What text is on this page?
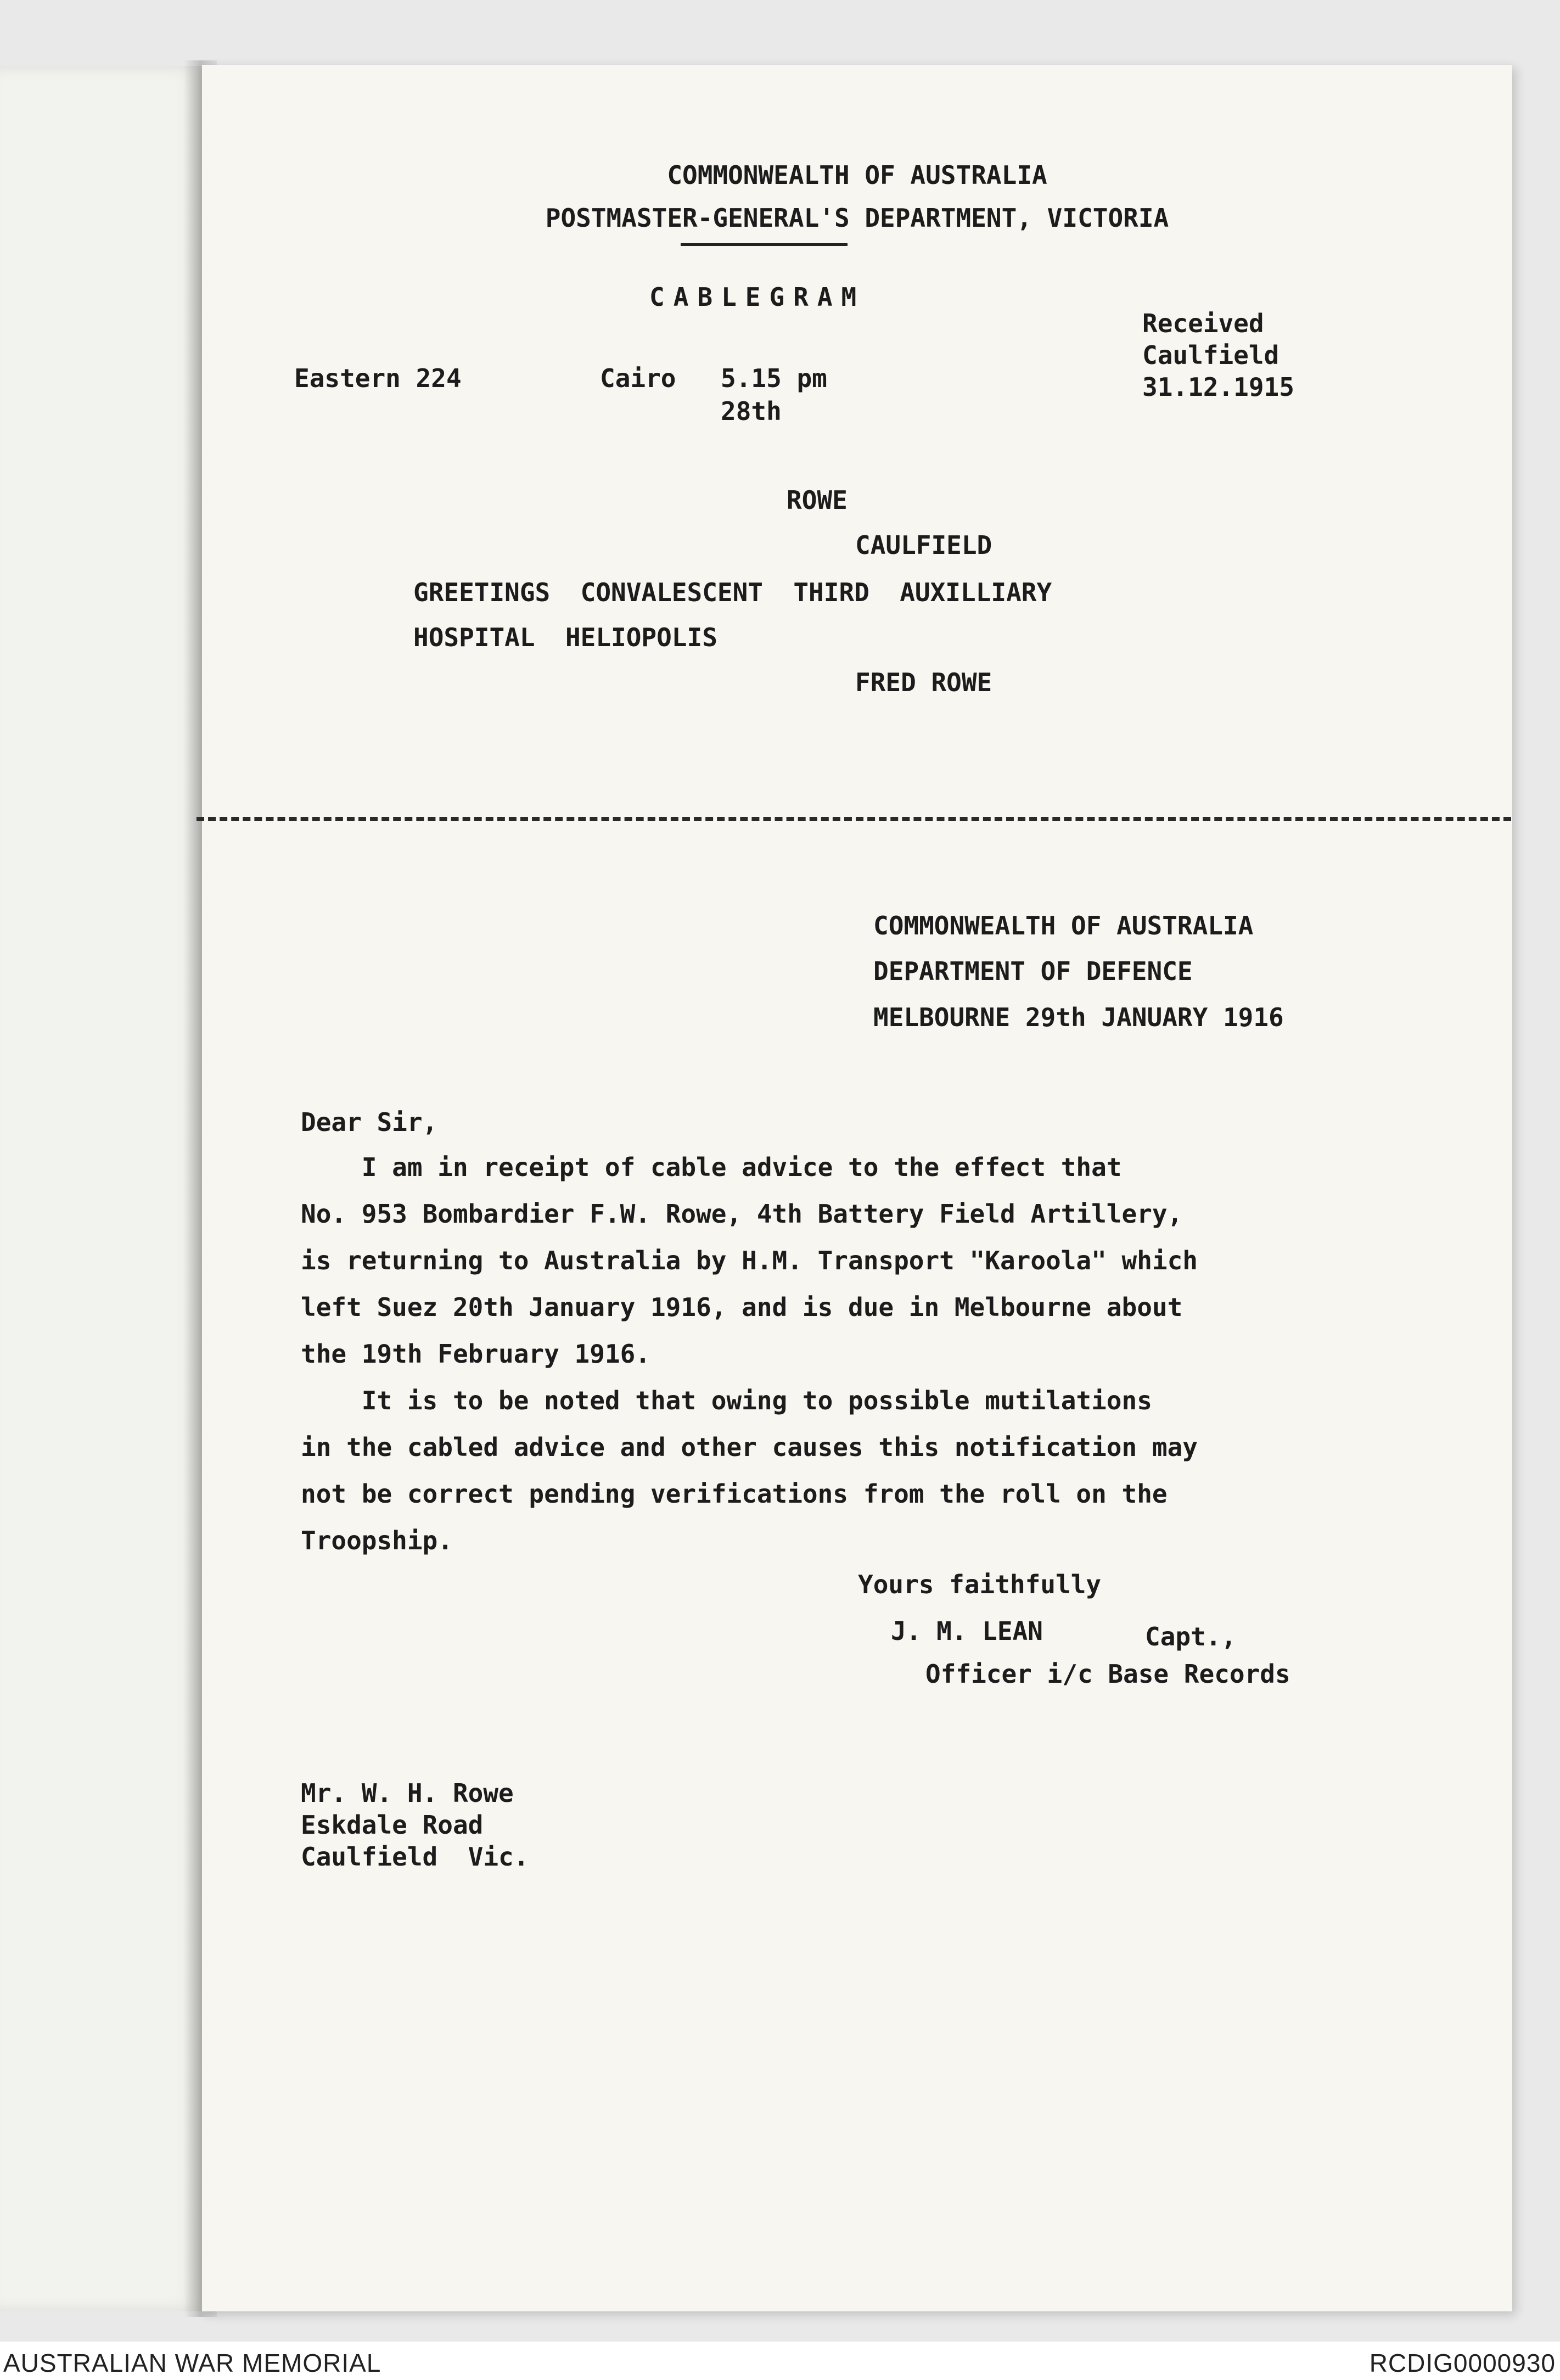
COMMONWEALTH OF AUSTRALIA
POSTMASTER-GENERAL'S DEPARTMENT, VICTORIA
CABLEGRAM
Received
Caulfield
31.12.1915
Eastern 224	Cairo 5.15 pm
28th
ROWE
CAULFIELD
GREETINGS  CONVALESCENT  THIRD  AUXILLIARY
HOSPITAL  HELIOPOLIS
FRED ROWE
COMMONWEALTH OF AUSTRALIA
DEPARTMENT OF DEFENCE
MELBOURNE 29th JANUARY 1916
Dear Sir,
I am in receipt of cable advice to the effect that
No. 953 Bombardier F.W. Rowe, 4th Battery Field Artillery,
is returning to Australia by H.M. Transport "Karoola" which
left Suez 20th January 1916, and is due in Melbourne about
the 19th February 1916.
It is to be noted that owing to possible mutilations
in the cabled advice and other causes this notification may
not be correct pending verifications from the roll on the
Troopship.
Yours faithfully
J. M. LEAN	Capt.,
Officer i/c Base Records
Mr. W. H. Rowe
Eskdale Road
Caulfield  Vic.
AUSTRALIAN WAR MEMORIAL	RCDIG0000930
